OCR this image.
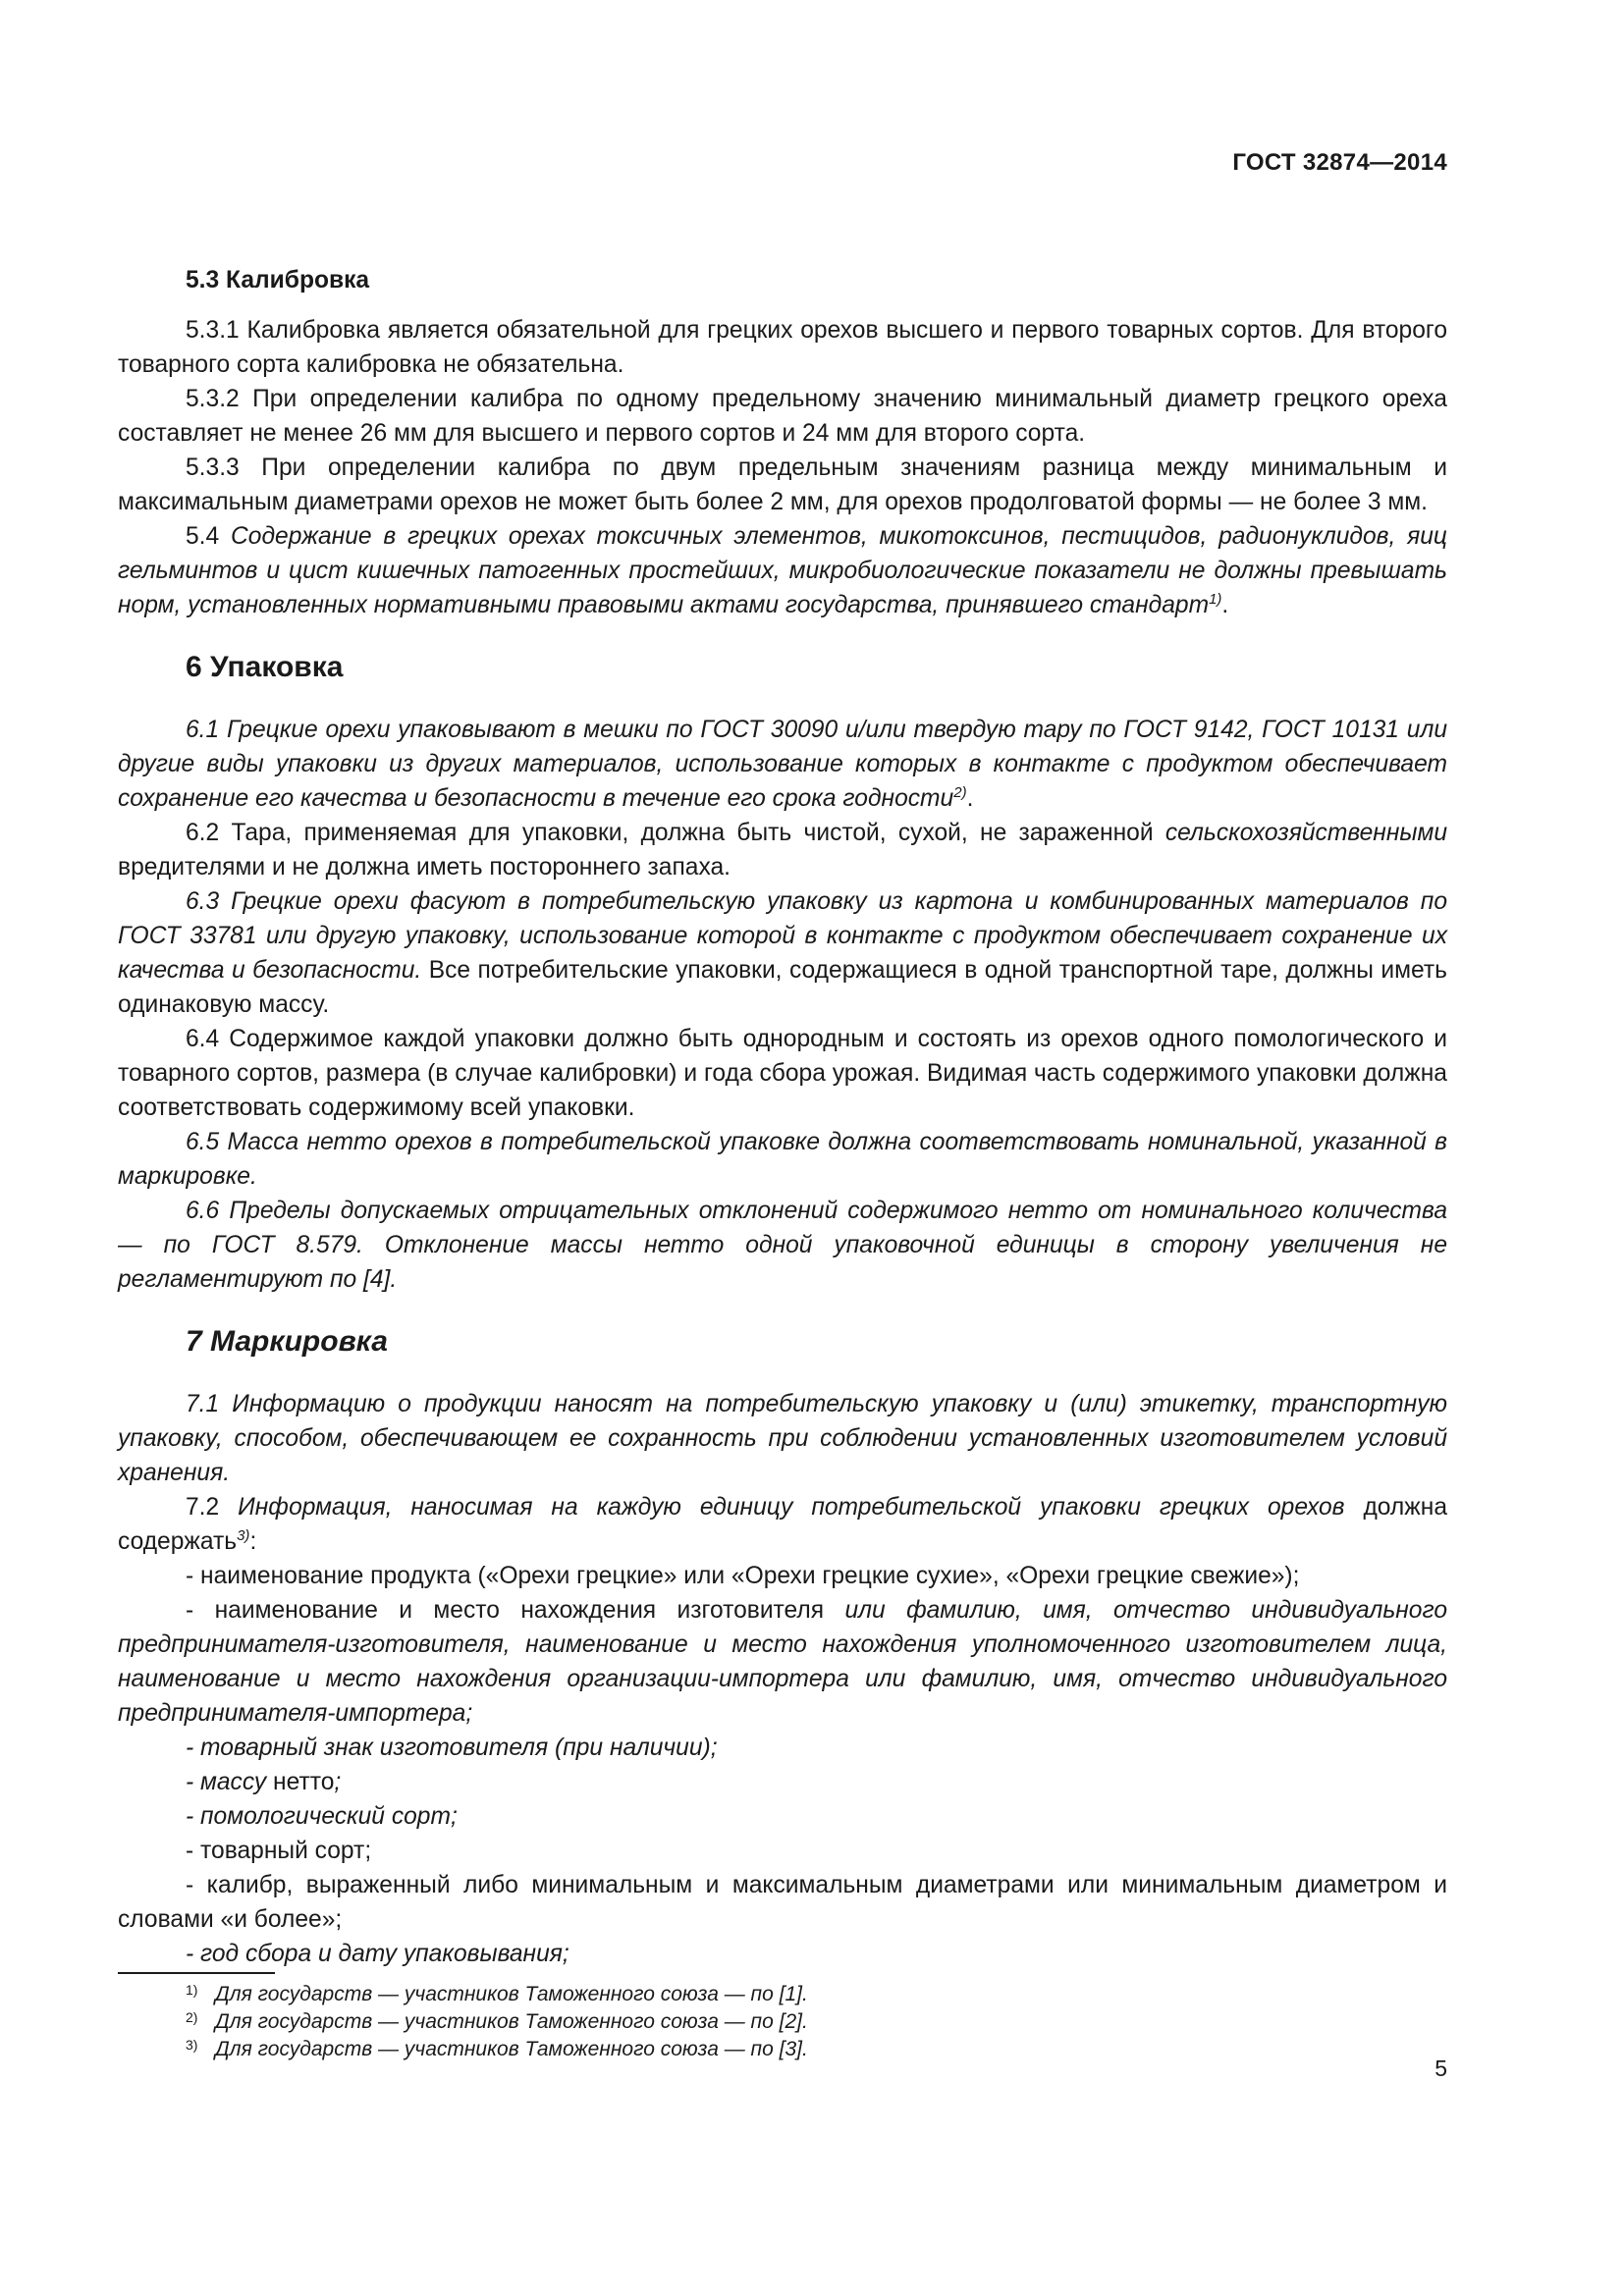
ГОСТ 32874—2014

5.3 Калибровка

5.3.1 Калибровка является обязательной для грецких орехов высшего и первого товарных сортов. Для второго товарного сорта калибровка не обязательна.

5.3.2 При определении калибра по одному предельному значению минимальный диаметр грецкого ореха составляет не менее 26 мм для высшего и первого сортов и 24 мм для второго сорта.

5.3.3 При определении калибра по двум предельным значениям разница между минимальным и максимальным диаметрами орехов не может быть более 2 мм, для орехов продолговатой формы — не более 3 мм.

5.4 Содержание в грецких орехах токсичных элементов, микотоксинов, пестицидов, радионуклидов, яиц гельминтов и цист кишечных патогенных простейших, микробиологические показатели не должны превышать норм, установленных нормативными правовыми актами государства, принявшего стандарт$^{1)}$.

6 Упаковка

6.1 Грецкие орехи упаковывают в мешки по ГОСТ 30090 и/или твердую тару по ГОСТ 9142, ГОСТ 10131 или другие виды упаковки из других материалов, использование которых в контакте с продуктом обеспечивает сохранение его качества и безопасности в течение его срока годности$^{2)}$.

6.2 Тара, применяемая для упаковки, должна быть чистой, сухой, не зараженной сельскохозяйственными вредителями и не должна иметь постороннего запаха.

6.3 Грецкие орехи фасуют в потребительскую упаковку из картона и комбинированных материалов по ГОСТ 33781 или другую упаковку, использование которой в контакте с продуктом обеспечивает сохранение их качества и безопасности. Все потребительские упаковки, содержащиеся в одной транспортной таре, должны иметь одинаковую массу.

6.4 Содержимое каждой упаковки должно быть однородным и состоять из орехов одного помологического и товарного сортов, размера (в случае калибровки) и года сбора урожая. Видимая часть содержимого упаковки должна соответствовать содержимому всей упаковки.

6.5 Масса нетто орехов в потребительской упаковке должна соответствовать номинальной, указанной в маркировке.

6.6 Пределы допускаемых отрицательных отклонений содержимого нетто от номинального количества — по ГОСТ 8.579. Отклонение массы нетто одной упаковочной единицы в сторону увеличения не регламентируют по [4].

7 Маркировка

7.1 Информацию о продукции наносят на потребительскую упаковку и (или) этикетку, транспортную упаковку, способом, обеспечивающем ее сохранность при соблюдении установленных изготовителем условий хранения.

7.2 Информация, наносимая на каждую единицу потребительской упаковки грецких орехов должна содержать$^{3)}$:

- наименование продукта («Орехи грецкие» или «Орехи грецкие сухие», «Орехи грецкие свежие»);

- наименование и место нахождения изготовителя или фамилию, имя, отчество индивидуального предпринимателя-изготовителя, наименование и место нахождения уполномоченного изготовителем лица, наименование и место нахождения организации-импортера или фамилию, имя, отчество индивидуального предпринимателя-импортера;

- товарный знак изготовителя (при наличии);

- массу нетто;

- помологический сорт;

- товарный сорт;

- калибр, выраженный либо минимальным и максимальным диаметрами или минимальным диаметром и словами «и более»;

- год сбора и дату упаковывания;

1) Для государств — участников Таможенного союза — по [1].
2) Для государств — участников Таможенного союза — по [2].
3) Для государств — участников Таможенного союза — по [3].
5
